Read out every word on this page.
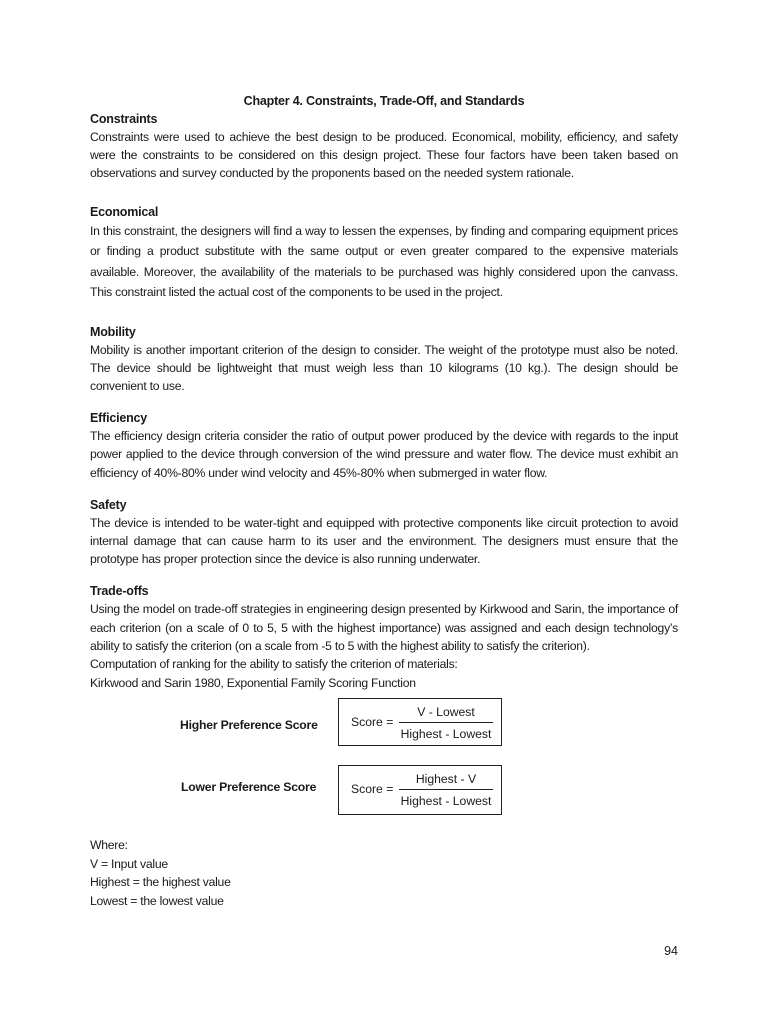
Chapter 4. Constraints, Trade-Off, and Standards
Constraints

Constraints were used to achieve the best design to be produced. Economical, mobility, efficiency, and safety were the constraints to be considered on this design project. These four factors have been taken based on observations and survey conducted by the proponents based on the needed system rationale.

Economical

In this constraint, the designers will find a way to lessen the expenses, by finding and comparing equipment prices or finding a product substitute with the same output or even greater compared to the expensive materials available. Moreover, the availability of the materials to be purchased was highly considered upon the canvass. This constraint listed the actual cost of the components to be used in the project.

Mobility

Mobility is another important criterion of the design to consider. The weight of the prototype must also be noted. The device should be lightweight that must weigh less than 10 kilograms (10 kg.). The design should be convenient to use.

Efficiency

The efficiency design criteria consider the ratio of output power produced by the device with regards to the input power applied to the device through conversion of the wind pressure and water flow. The device must exhibit an efficiency of 40%-80% under wind velocity and 45%-80% when submerged in water flow.

Safety

The device is intended to be water-tight and equipped with protective components like circuit protection to avoid internal damage that can cause harm to its user and the environment. The designers must ensure that the prototype has proper protection since the device is also running underwater.

Trade-offs

Using the model on trade-off strategies in engineering design presented by Kirkwood and Sarin, the importance of each criterion (on a scale of 0 to 5, 5 with the highest importance) was assigned and each design technology’s ability to satisfy the criterion (on a scale from -5 to 5 with the highest ability to satisfy the criterion).

Computation of ranking for the ability to satisfy the criterion of materials:

Kirkwood and Sarin 1980, Exponential Family Scoring Function

Higher Preference Score	Score =
V - Lowest
Highest - Lowest
Lower Preference Score	Score =
Highest - V
Highest - Lowest

Where:

V = Input value

Highest = the highest value

Lowest = the lowest value

94
